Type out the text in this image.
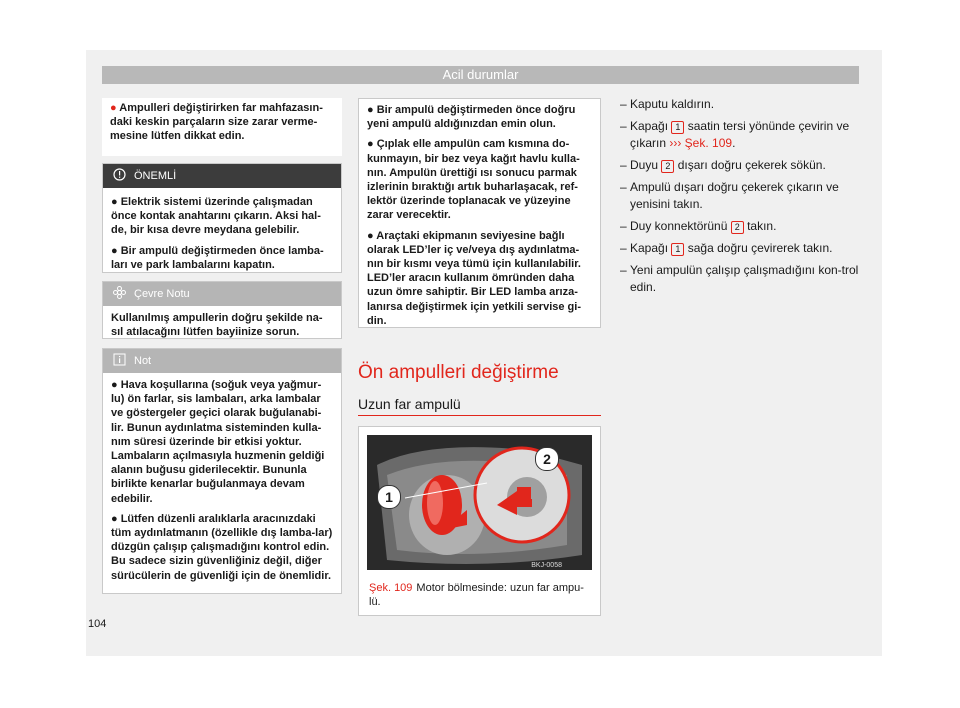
Acil durumlar

● Ampulleri değiştirirken far mahfazasın-daki keskin parçaların size zarar verme-mesine lütfen dikkat edin.

ÖNEMLİ

● Elektrik sistemi üzerinde çalışmadan önce kontak anahtarını çıkarın. Aksi hal-de, bir kısa devre meydana gelebilir.

● Bir ampulü değiştirmeden önce lamba-ları ve park lambalarını kapatın.

Çevre Notu

Kullanılmış ampullerin doğru şekilde na-sıl atılacağını lütfen bayiinize sorun.

Not

● Hava koşullarına (soğuk veya yağmur-lu) ön farlar, sis lambaları, arka lambalar ve göstergeler geçici olarak buğulanabi-lir. Bunun aydınlatma sisteminden kulla-nım süresi üzerinde bir etkisi yoktur. Lambaların açılmasıyla huzmenin geldiği alanın buğusu giderilecektir. Bununla birlikte kenarlar buğulanmaya devam edebilir.

● Lütfen düzenli aralıklarla aracınızdaki tüm aydınlatmanın (özellikle dış lamba-lar) düzgün çalışıp çalışmadığını kontrol edin. Bu sadece sizin güvenliğiniz değil, diğer sürücülerin de güvenliği için de önemlidir.

● Bir ampulü değiştirmeden önce doğru yeni ampulü aldığınızdan emin olun.

● Çıplak elle ampulün cam kısmına do-kunmayın, bir bez veya kağıt havlu kulla-nın. Ampulün ürettiği ısı sonucu parmak izlerinin bıraktığı artık buharlaşacak, ref-lektör üzerinde toplanacak ve yüzeyine zarar verecektir.

● Araçtaki ekipmanın seviyesine bağlı olarak LED’ler iç ve/veya dış aydınlatma-nın bir kısmı veya tümü için kullanılabilir. LED’ler aracın kullanım ömründen daha uzun ömre sahiptir. Bir LED lamba arıza-lanırsa değiştirmek için yetkili servise gi-din.

Ön ampulleri değiştirme
Uzun far ampulü
BKJ-0058
1
2
Şek. 109 Motor bölmesinde: uzun far ampu-lü.
– Kaputu kaldırın.
– Kapağı 1 saatin tersi yönünde çevirin ve çıkarın ››› Şek. 109.
– Duyu 2 dışarı doğru çekerek sökün.
– Ampulü dışarı doğru çekerek çıkarın ve yenisini takın.
– Duy konnektörünü 2 takın.
– Kapağı 1 sağa doğru çevirerek takın.
– Yeni ampulün çalışıp çalışmadığını kon-trol edin.
104
